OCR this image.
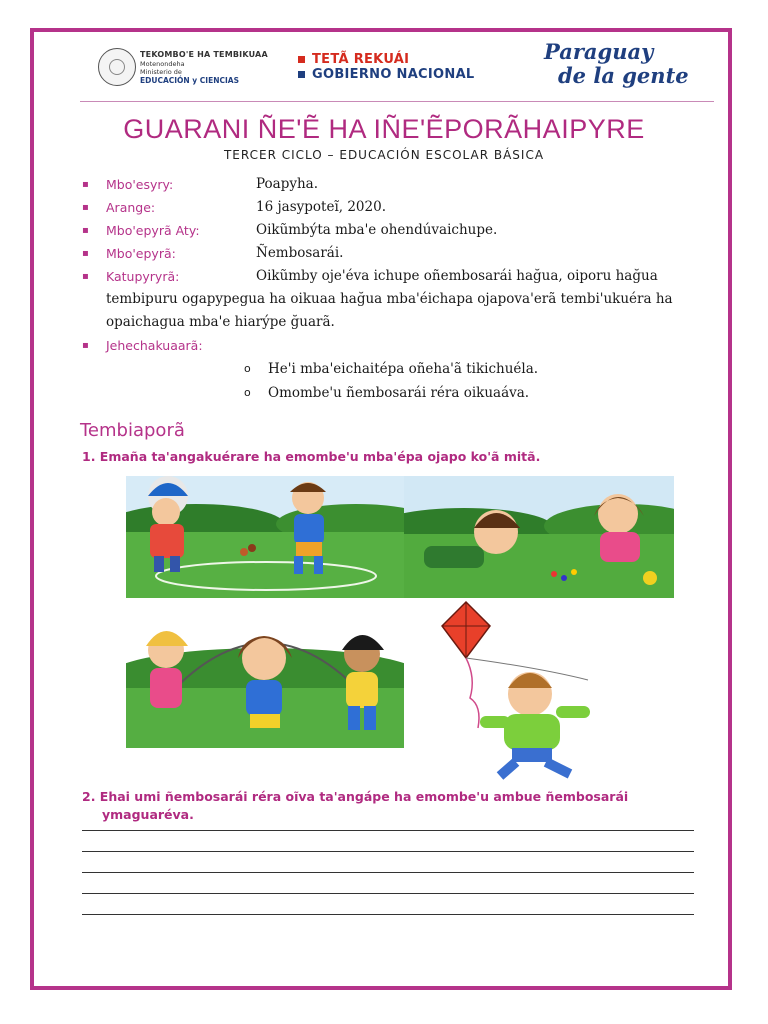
TEKOMBO'E HA TEMBIKUAA
Motenondeha
Ministerio de
EDUCACIÓN y CIENCIAS
TETÃ REKUÁI
GOBIERNO NACIONAL
Paraguay
de la gente
GUARANI ÑE'Ẽ HA IÑE'ẼPORÃHAIPYRE
TERCER CICLO – EDUCACIÓN ESCOLAR BÁSICA
▪ Mbo'esyry:	Poapyha.
▪ Arange:	16 jasypoteĩ, 2020.
▪ Mbo'epyrã Aty:	Oikũmbýta mba'e ohendúvaichupe.
▪ Mbo'epyrã:	Ñembosarái.
▪ Katupyryrã:	Oikũmby oje'éva ichupe oñembosarái hağua, oiporu hağua
tembipuru ogapypegua ha oikuaa hağua mba'éichapa ojapova'erã tembi'ukuéra ha opaichagua mba'e hiarýpe ğuarã.
▪ Jehechakuaarã:
o He'i mba'eichaitépa oñeha'ã tikichuéla.
o Omombe'u ñembosarái réra oikuaáva.
Tembiaporã
1. Emaña ta'angakuérare ha emombe'u mba'épa ojapo ko'ã mitã.
2. Ehai umi ñembosarái réra oĩva ta'angápe ha emombe'u ambue ñembosarái
ymaguaréva.
